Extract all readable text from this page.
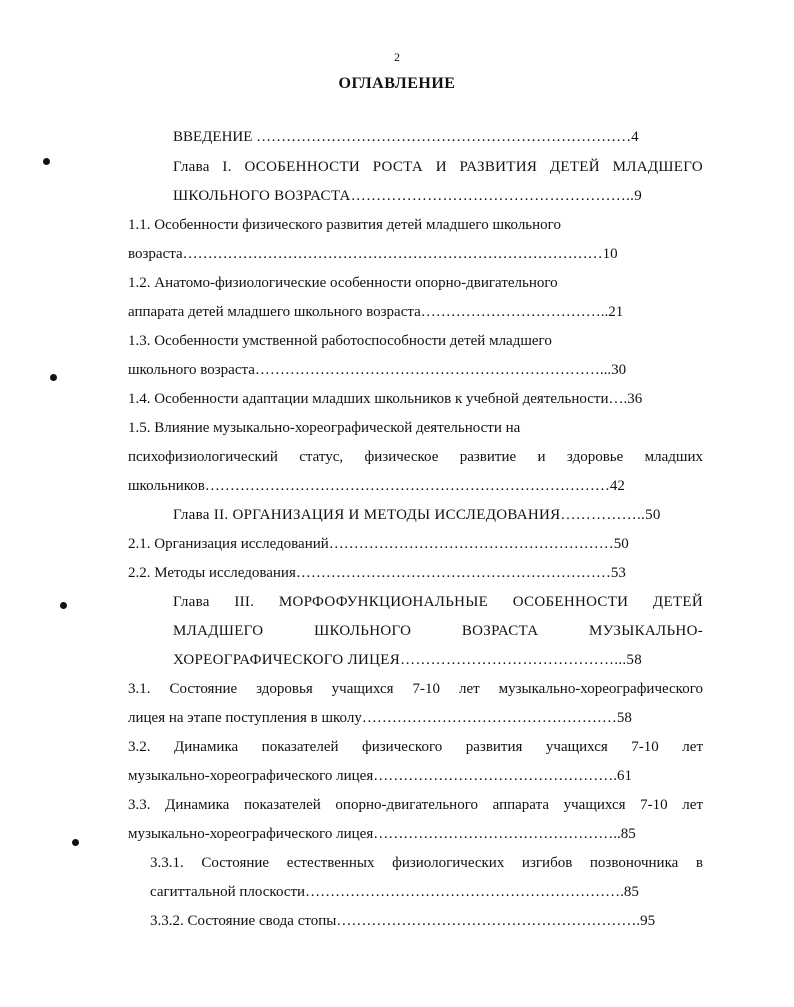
2
ОГЛАВЛЕНИЕ
ВВЕДЕНИЕ …………………………………………………………………4
Глава I. ОСОБЕННОСТИ РОСТА И РАЗВИТИЯ ДЕТЕЙ МЛАДШЕГО
ШКОЛЬНОГО ВОЗРАСТА………………………………………………..9
1.1. Особенности физического развития детей младшего школьного
возраста…………………………………………………………………………10
1.2. Анатомо-физиологические особенности опорно-двигательного
аппарата детей младшего школьного возраста………………………………..21
1.3. Особенности умственной работоспособности детей младшего
школьного возраста……………………………………………………………...30
1.4. Особенности адаптации младших школьников к учебной деятельности….36
1.5. Влияние музыкально-хореографической деятельности на
психофизиологический статус, физическое развитие и здоровье младших
школьников………………………………………………………………………42
Глава II. ОРГАНИЗАЦИЯ И МЕТОДЫ ИССЛЕДОВАНИЯ……………..50
2.1. Организация исследований…………………………………………………50
2.2. Методы исследования………………………………………………………53
Глава III. МОРФОФУНКЦИОНАЛЬНЫЕ ОСОБЕННОСТИ ДЕТЕЙ
МЛАДШЕГО ШКОЛЬНОГО ВОЗРАСТА МУЗЫКАЛЬНО-
ХОРЕОГРАФИЧЕСКОГО ЛИЦЕЯ……………………………………...58
3.1. Состояние здоровья учащихся 7-10 лет музыкально-хореографического
лицея на этапе поступления в школу……………………………………………58
3.2. Динамика показателей физического развития учащихся 7-10 лет
музыкально-хореографического лицея………………………………………….61
3.3. Динамика показателей опорно-двигательного аппарата учащихся 7-10 лет
музыкально-хореографического лицея…………………………………………..85
3.3.1. Состояние естественных физиологических изгибов позвоночника в
сагиттальной плоскости……………………………………………………….85
3.3.2. Состояние свода стопы…………………………………………………….95
